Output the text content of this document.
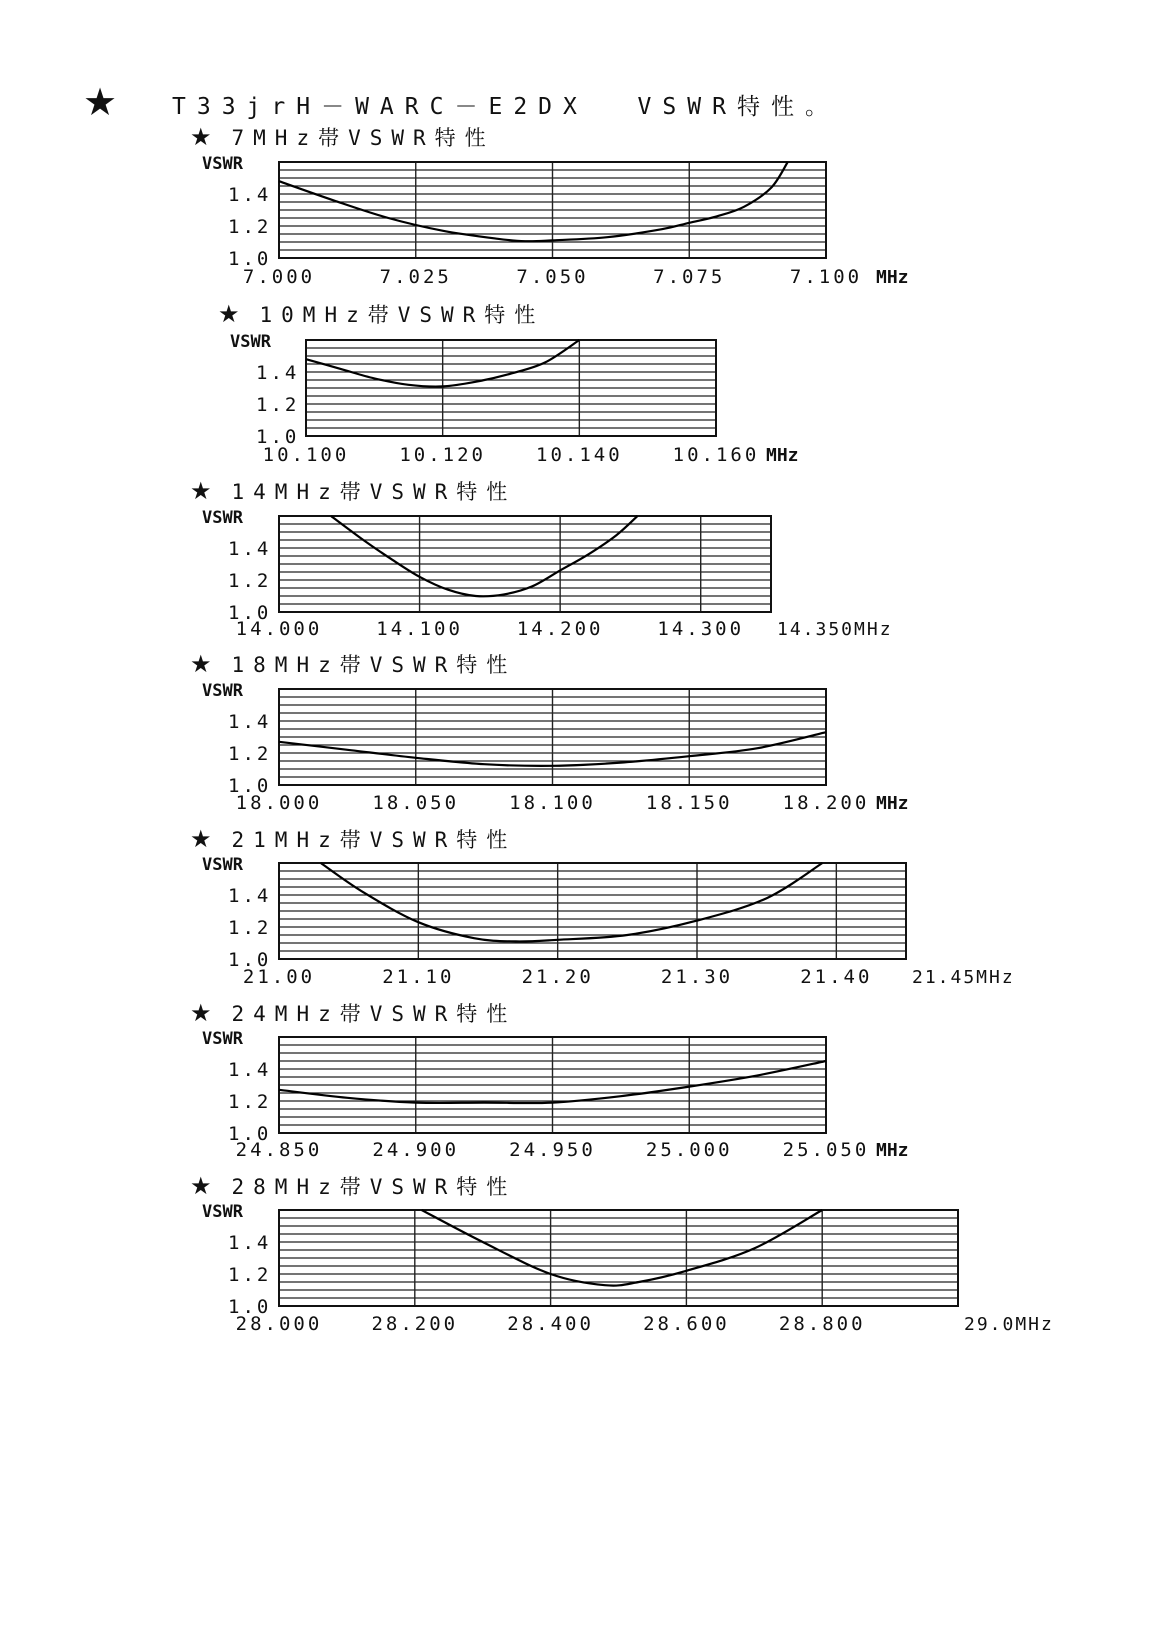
★ T33jrH－WARC－E2DX  VSWR特性。
★ 7MHz帯VSWR特性
★ 10MHz帯VSWR特性
★ 14MHz帯VSWR特性
★ 18MHz帯VSWR特性
★ 21MHz帯VSWR特性
★ 24MHz帯VSWR特性
★ 28MHz帯VSWR特性
VSWR
1.4
1.2
1.0
7.000	7.025	7.050	7.075	7.100 MHz
VSWR
1.4
1.2
1.0
10.100	10.120	10.140	10.160 MHz
VSWR
1.4
1.2
1.0
14.000	14.100	14.200	14.300 14.350MHz
VSWR
1.4
1.2
1.0
18.000	18.050	18.100	18.150	18.200 MHz
VSWR
1.4
1.2
1.0
21.00	21.10	21.20	21.30	21.40 21.45MHz
VSWR
1.4
1.2
1.0
24.850	24.900	24.950	25.000	25.050 MHz
VSWR
1.4
1.2
1.0
28.000	28.200	28.400	28.600	28.800	29.0MHz
